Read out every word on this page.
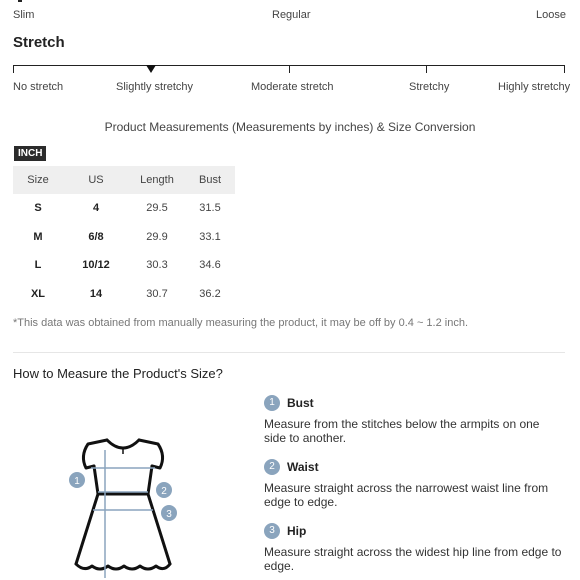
Slim	Regular	Loose
Stretch
No stretch	Slightly stretchy	Moderate stretch	Stretchy	Highly stretchy
Product Measurements (Measurements by inches) & Size Conversion
INCH
Size	US	Length	Bust
S	4	29.5	31.5
M	6/8	29.9	33.1
L	10/12	30.3	34.6
XL	14	30.7	36.2
*This data was obtained from manually measuring the product, it may be off by 0.4 ~ 1.2 inch.
How to Measure the Product's Size?
1
2
3
1 Bust
Measure from the stitches below the armpits on one side to another.
2 Waist
Measure straight across the narrowest waist line from edge to edge.
3 Hip
Measure straight across the widest hip line from edge to edge.
